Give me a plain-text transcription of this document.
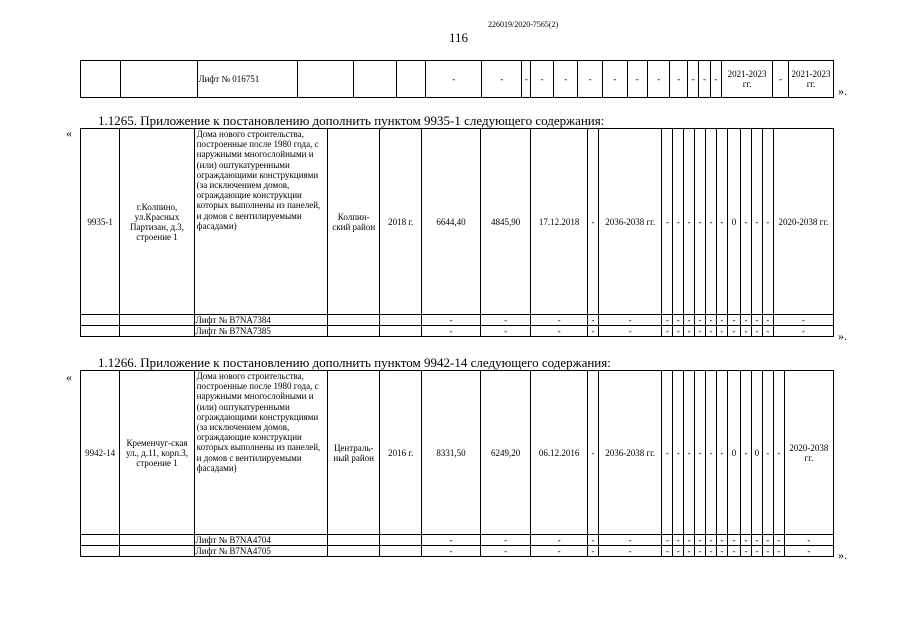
226019/2020-7565(2)
116
		Лифт № 016751				-	-	-	-	-	-	-	-	-	-	-	-	-	2021-2023 гг.	-	2021-2023 гг. ».
1.1265. Приложение к постановлению дополнить пунктом 9935-1 следующего содержания:
«
9935-1	г.Колпино, ул.Красных Партизан, д.3, строение 1	Дома нового строительства, построенные после 1980 года, с наружными многослойными и (или) оштукатуренными ограждающими конструкциями (за исключением домов, ограждающие конструкции которых выполнены из панелей, и домов с вентилируемыми фасадами)	Колпин-ский район	2018 г.	6644,40	4845,90	17.12.2018	-	2036-2038 гг.	-	-	-	-	-	-	0	-	-	-	2020-2038 гг.
		Лифт № В7NA7384			-	-	-	-	-	-	-	-	-	-	-	-	-	-	-	-
		Лифт № В7NA7385			-	-	-	-	-	-	-	-	-	-	-	-	-	-	-	-	».
1.1266. Приложение к постановлению дополнить пунктом 9942-14 следующего содержания:
«
9942-14	Кременчуг-ская ул., д.11, корп.3, строение 1	Дома нового строительства, построенные после 1980 года, с наружными многослойными и (или) оштукатуренными ограждающими конструкциями (за исключением домов, ограждающие конструкции которых выполнены из панелей, и домов с вентилируемыми фасадами)	Централь-ный район	2016 г.	8331,50	6249,20	06.12.2016	-	2036-2038 гг.	-	-	-	-	-	-	0	-	0	-	-	2020-2038 гг.
		Лифт № В7NA4704			-	-	-	-	-	-	-	-	-	-	-	-	-	-	-	-	-
		Лифт № В7NA4705			-	-	-	-	-	-	-	-	-	-	-	-	-	-	-	-	- ».
